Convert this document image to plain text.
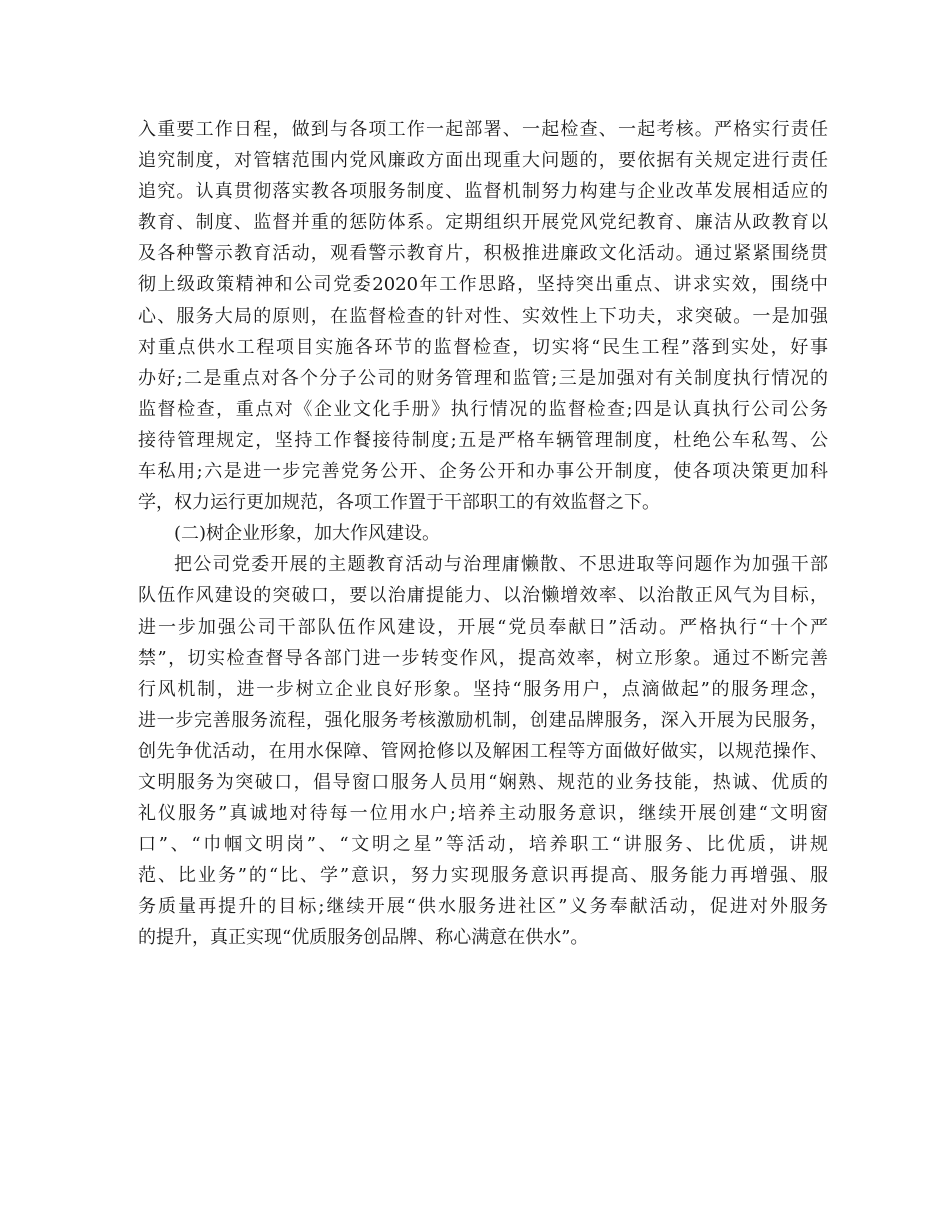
入重要工作日程，做到与各项工作一起部署、一起检查、一起考核。严格实行责任
追究制度，对管辖范围内党风廉政方面出现重大问题的，要依据有关规定进行责任
追究。认真贯彻落实教各项服务制度、监督机制努力构建与企业改革发展相适应的
教育、制度、监督并重的惩防体系。定期组织开展党风党纪教育、廉洁从政教育以
及各种警示教育活动，观看警示教育片，积极推进廉政文化活动。通过紧紧围绕贯
彻上级政策精神和公司党委2020年工作思路，坚持突出重点、讲求实效，围绕中
心、服务大局的原则，在监督检查的针对性、实效性上下功夫，求突破。一是加强
对重点供水工程项目实施各环节的监督检查，切实将“民生工程”落到实处，好事
办好;二是重点对各个分子公司的财务管理和监管;三是加强对有关制度执行情况的
监督检查，重点对《企业文化手册》执行情况的监督检查;四是认真执行公司公务
接待管理规定，坚持工作餐接待制度;五是严格车辆管理制度，杜绝公车私驾、公
车私用;六是进一步完善党务公开、企务公开和办事公开制度，使各项决策更加科
学，权力运行更加规范，各项工作置于干部职工的有效监督之下。
(二)树企业形象，加大作风建设。
把公司党委开展的主题教育活动与治理庸懒散、不思进取等问题作为加强干部
队伍作风建设的突破口，要以治庸提能力、以治懒增效率、以治散正风气为目标，
进一步加强公司干部队伍作风建设，开展“党员奉献日”活动。严格执行“十个严
禁”，切实检查督导各部门进一步转变作风，提高效率，树立形象。通过不断完善
行风机制，进一步树立企业良好形象。坚持“服务用户，点滴做起”的服务理念，
进一步完善服务流程，强化服务考核激励机制，创建品牌服务，深入开展为民服务，
创先争优活动，在用水保障、管网抢修以及解困工程等方面做好做实，以规范操作、
文明服务为突破口，倡导窗口服务人员用“娴熟、规范的业务技能，热诚、优质的
礼仪服务”真诚地对待每一位用水户;培养主动服务意识，继续开展创建“文明窗
口”、“巾帼文明岗”、“文明之星”等活动，培养职工“讲服务、比优质，讲规
范、比业务”的“比、学”意识，努力实现服务意识再提高、服务能力再增强、服
务质量再提升的目标;继续开展“供水服务进社区”义务奉献活动，促进对外服务
的提升，真正实现“优质服务创品牌、称心满意在供水”。
